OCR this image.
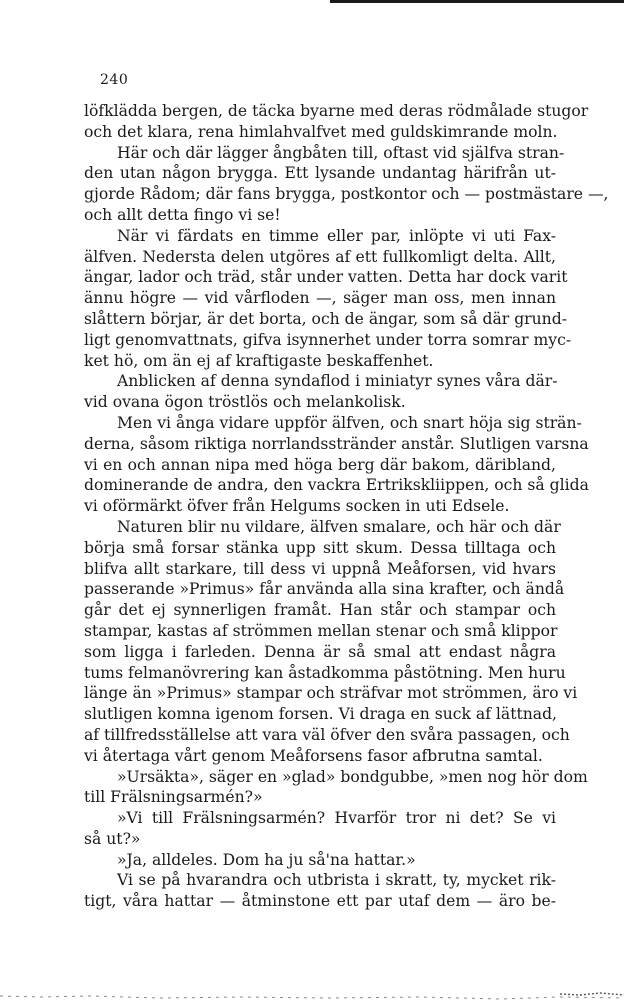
240
löfklädda bergen, de täcka byarne med deras rödmålade stugor
och det klara, rena himlahvalfvet med guldskimrande moln.
Här och där lägger ångbåten till, oftast vid själfva stran-
den utan någon brygga. Ett lysande undantag härifrån ut-
gjorde Rådom; där fans brygga, postkontor och — postmästare —,
och allt detta fingo vi se!
När vi färdats en timme eller par, inlöpte vi uti Fax-
älfven. Nedersta delen utgöres af ett fullkomligt delta. Allt,
ängar, lador och träd, står under vatten. Detta har dock varit
ännu högre — vid vårfloden —, säger man oss, men innan
slåttern börjar, är det borta, och de ängar, som så där grund-
ligt genomvattnats, gifva isynnerhet under torra somrar myc-
ket hö, om än ej af kraftigaste beskaffenhet.
Anblicken af denna syndaflod i miniatyr synes våra där-
vid ovana ögon tröstlös och melankolisk.
Men vi ånga vidare uppför älfven, och snart höja sig strän-
derna, såsom riktiga norrlandsstränder anstår. Slutligen varsna
vi en och annan nipa med höga berg där bakom, däribland,
dominerande de andra, den vackra Ertrikskliippen, och så glida
vi oförmärkt öfver från Helgums socken in uti Edsele.
Naturen blir nu vildare, älfven smalare, och här och där
börja små forsar stänka upp sitt skum. Dessa tilltaga och
blifva allt starkare, till dess vi uppnå Meåforsen, vid hvars
passerande »Primus» får använda alla sina krafter, och ändå
går det ej synnerligen framåt. Han står och stampar och
stampar, kastas af strömmen mellan stenar och små klippor
som ligga i farleden. Denna är så smal att endast några
tums felmanövrering kan åstadkomma påstötning. Men huru
länge än »Primus» stampar och sträfvar mot strömmen, äro vi
slutligen komna igenom forsen. Vi draga en suck af lättnad,
af tillfredsställelse att vara väl öfver den svåra passagen, och
vi återtaga vårt genom Meåforsens fasor afbrutna samtal.
»Ursäkta», säger en »glad» bondgubbe, »men nog hör dom
till Frälsningsarmén?»
»Vi till Frälsningsarmén? Hvarför tror ni det? Se vi
så ut?»
»Ja, alldeles. Dom ha ju så'na hattar.»
Vi se på hvarandra och utbrista i skratt, ty, mycket rik-
tigt, våra hattar — åtminstone ett par utaf dem — äro be-
